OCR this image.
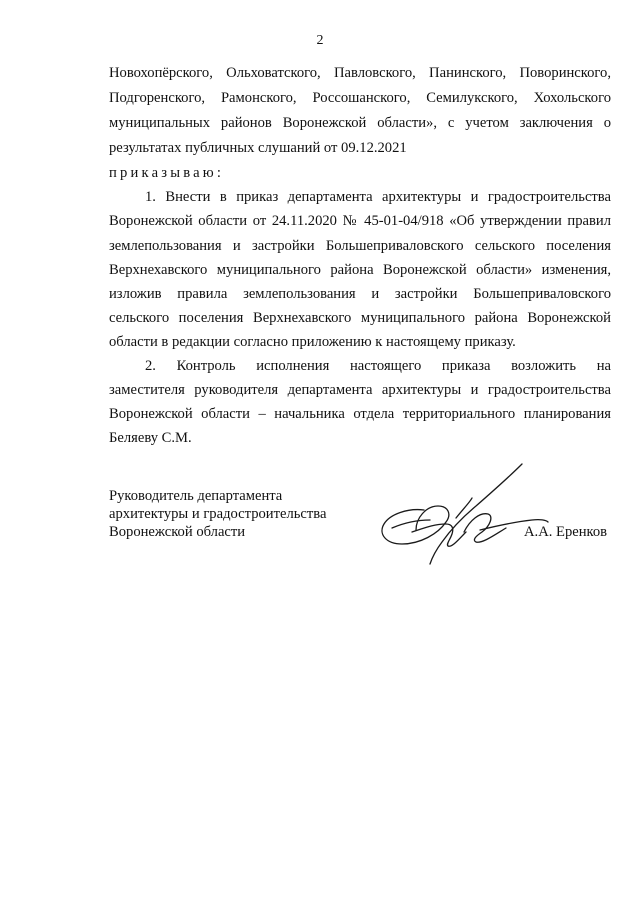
2
Новохопёрского, Ольховатского, Павловского, Панинского, Поворинского,
Подгоренского, Рамонского, Россошанского, Семилукского, Хохольского
муниципальных районов Воронежской области», с учетом заключения о
результатах публичных слушаний от 09.12.2021
приказываю:
1. Внести в приказ департамента архитектуры и градостроительства
Воронежской области от 24.11.2020 № 45-01-04/918 «Об утверждении правил
землепользования и застройки Большеприваловского сельского поселения
Верхнехавского муниципального района Воронежской области» изменения,
изложив правила землепользования и застройки Большеприваловского
сельского поселения Верхнехавского муниципального района Воронежской
области в редакции согласно приложению к настоящему приказу.
2. Контроль исполнения настоящего приказа возложить на
заместителя руководителя департамента архитектуры и градостроительства
Воронежской области – начальника отдела территориального планирования
Беляеву С.М.
Руководитель департамента
архитектуры и градостроительства
Воронежской области	А.А. Еренков
